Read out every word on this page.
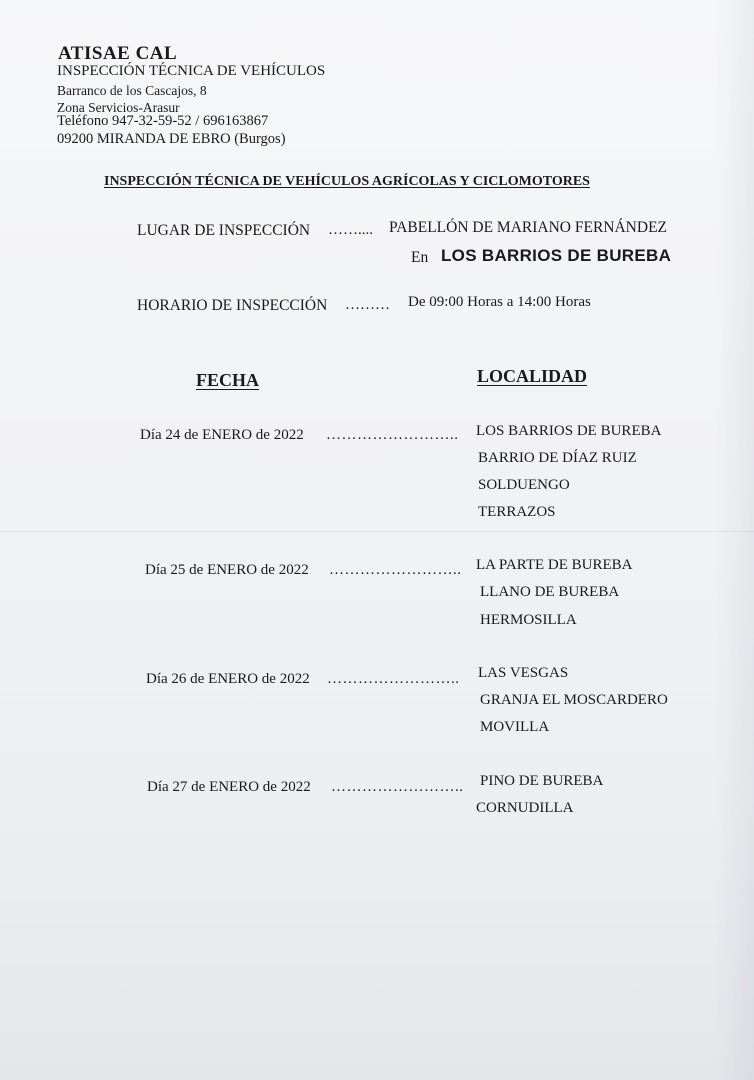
ATISAE CAL
INSPECCIÓN TÉCNICA DE VEHÍCULOS
Barranco de los Cascajos, 8
Zona Servicios-Arasur
Teléfono 947-32-59-52 / 696163867
09200 MIRANDA DE EBRO (Burgos)
INSPECCIÓN TÉCNICA DE VEHÍCULOS AGRÍCOLAS Y CICLOMOTORES
LUGAR DE INSPECCIÓN …….... PABELLÓN DE MARIANO FERNÁNDEZ
En LOS BARRIOS DE BUREBA
HORARIO DE INSPECCIÓN ……… De 09:00 Horas a 14:00 Horas
FECHA	LOCALIDAD
Día 24 de ENERO de 2022 …………………….. LOS BARRIOS DE BUREBA
BARRIO DE DÍAZ RUIZ
SOLDUENGO
TERRAZOS
Día 25 de ENERO de 2022 …………………….. LA PARTE DE BUREBA
LLANO DE BUREBA
HERMOSILLA
Día 26 de ENERO de 2022 …………………….. LAS VESGAS
GRANJA EL MOSCARDERO
MOVILLA
Día 27 de ENERO de 2022 …………………….. PINO DE BUREBA
CORNUDILLA
